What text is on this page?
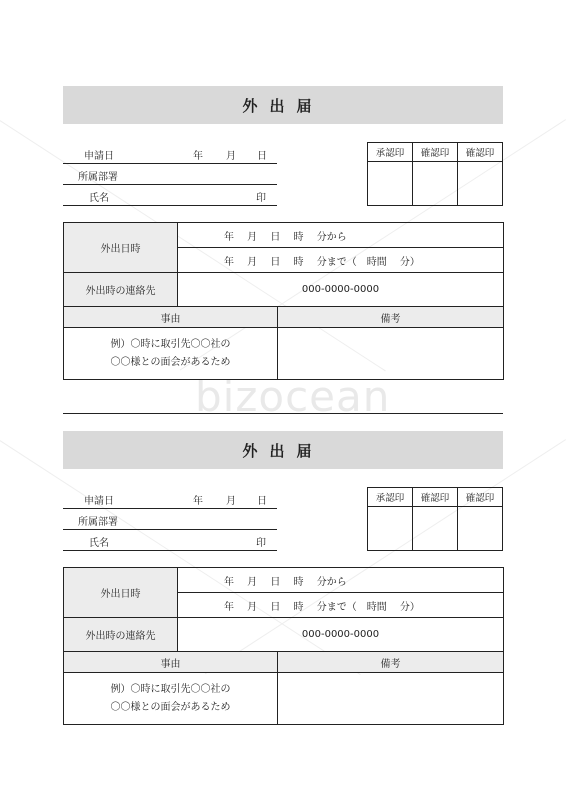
bizocean
外出届
申請日	年 月 日
所属部署
氏名	印
承認印	確認印	確認印

外出日時	年　 月　 日　 時　 分から	
	年　 月　 日　 時　 分まで（　時間　 分）	
外出時の連絡先	000-0000-0000	
事由		備考

例）〇時に取引先〇〇社の
〇〇様との面会があるため		

外出届
申請日	年 月 日
所属部署
氏名	印
承認印	確認印	確認印

外出日時	年　 月　 日　 時　 分から	
	年　 月　 日　 時　 分まで（　時間　 分）	
外出時の連絡先	000-0000-0000	
事由		備考

例）〇時に取引先〇〇社の
〇〇様との面会があるため		
